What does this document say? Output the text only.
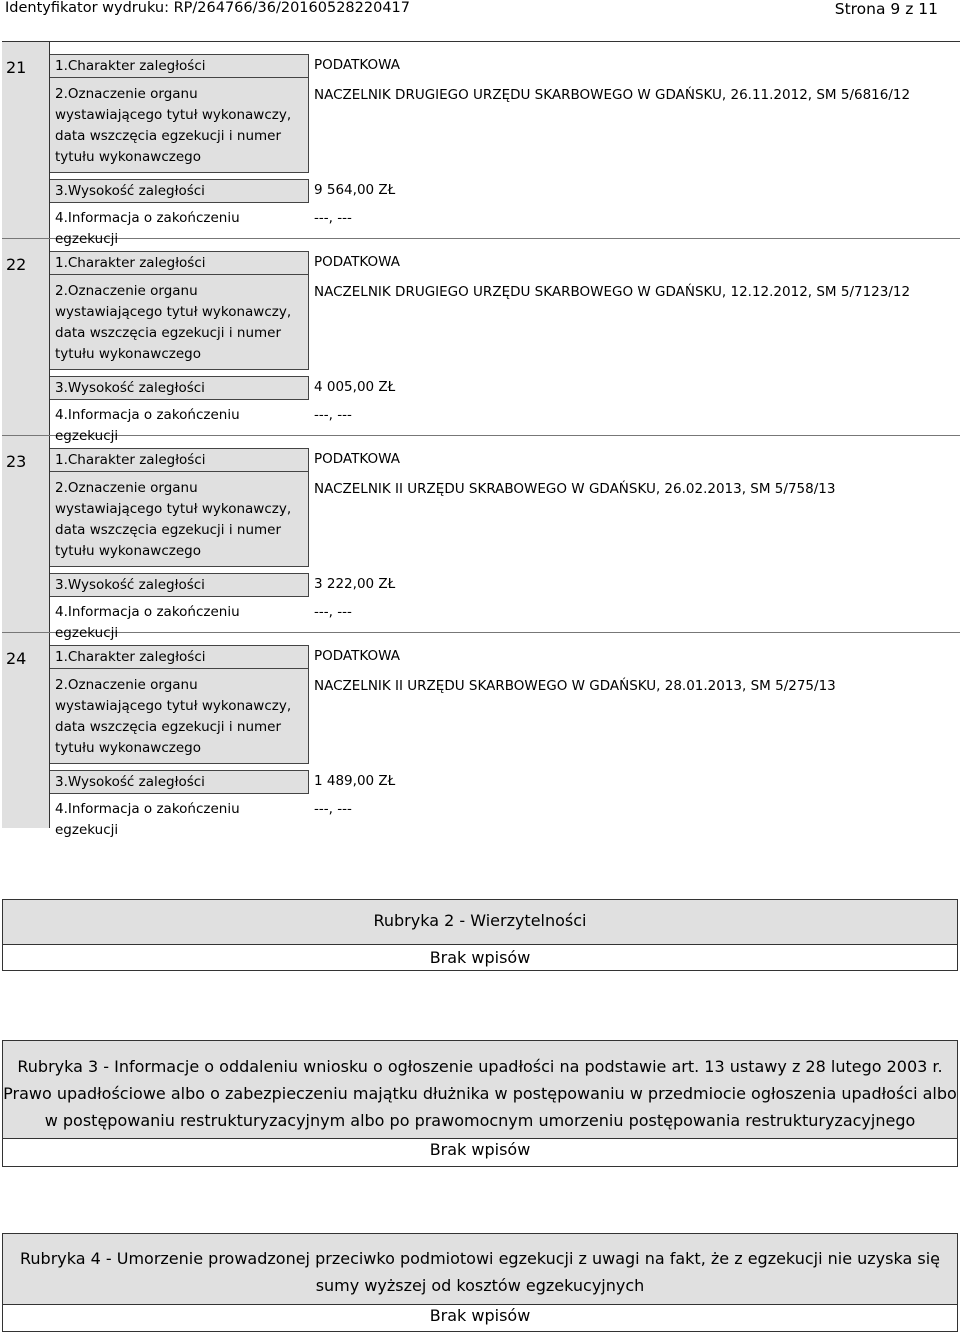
Identyfikator wydruku: RP/264766/36/20160528220417	Strona 9 z 11
21	1.Charakter zaległości	PODATKOWA
2.Oznaczenie organu wystawiającego tytuł wykonawczy, data wszczęcia egzekucji i numer tytułu wykonawczego
NACZELNIK DRUGIEGO URZĘDU SKARBOWEGO W GDAŃSKU, 26.11.2012, SM 5/6816/12
3.Wysokość zaległości	9 564,00 ZŁ
4.Informacja o zakończeniu egzekucji
---, ---
22	1.Charakter zaległości	PODATKOWA
2.Oznaczenie organu wystawiającego tytuł wykonawczy, data wszczęcia egzekucji i numer tytułu wykonawczego
NACZELNIK DRUGIEGO URZĘDU SKARBOWEGO W GDAŃSKU, 12.12.2012, SM 5/7123/12
3.Wysokość zaległości	4 005,00 ZŁ
4.Informacja o zakończeniu egzekucji
---, ---
23	1.Charakter zaległości	PODATKOWA
2.Oznaczenie organu wystawiającego tytuł wykonawczy, data wszczęcia egzekucji i numer tytułu wykonawczego
NACZELNIK II URZĘDU SKRABOWEGO W GDAŃSKU, 26.02.2013, SM 5/758/13
3.Wysokość zaległości	3 222,00 ZŁ
4.Informacja o zakończeniu egzekucji
---, ---
24	1.Charakter zaległości	PODATKOWA
2.Oznaczenie organu wystawiającego tytuł wykonawczy, data wszczęcia egzekucji i numer tytułu wykonawczego
NACZELNIK II URZĘDU SKARBOWEGO W GDAŃSKU, 28.01.2013, SM 5/275/13
3.Wysokość zaległości	1 489,00 ZŁ
4.Informacja o zakończeniu egzekucji
---, ---
Rubryka 2 - Wierzytelności
Brak wpisów
Rubryka 3 - Informacje o oddaleniu wniosku o ogłoszenie upadłości na podstawie art. 13 ustawy z 28 lutego 2003 r. Prawo upadłościowe albo o zabezpieczeniu majątku dłużnika w postępowaniu w przedmiocie ogłoszenia upadłości albo w postępowaniu restrukturyzacyjnym albo po prawomocnym umorzeniu postępowania restrukturyzacyjnego
Brak wpisów
Rubryka 4 - Umorzenie prowadzonej przeciwko podmiotowi egzekucji z uwagi na fakt, że z egzekucji nie uzyska się sumy wyższej od kosztów egzekucyjnych
Brak wpisów
